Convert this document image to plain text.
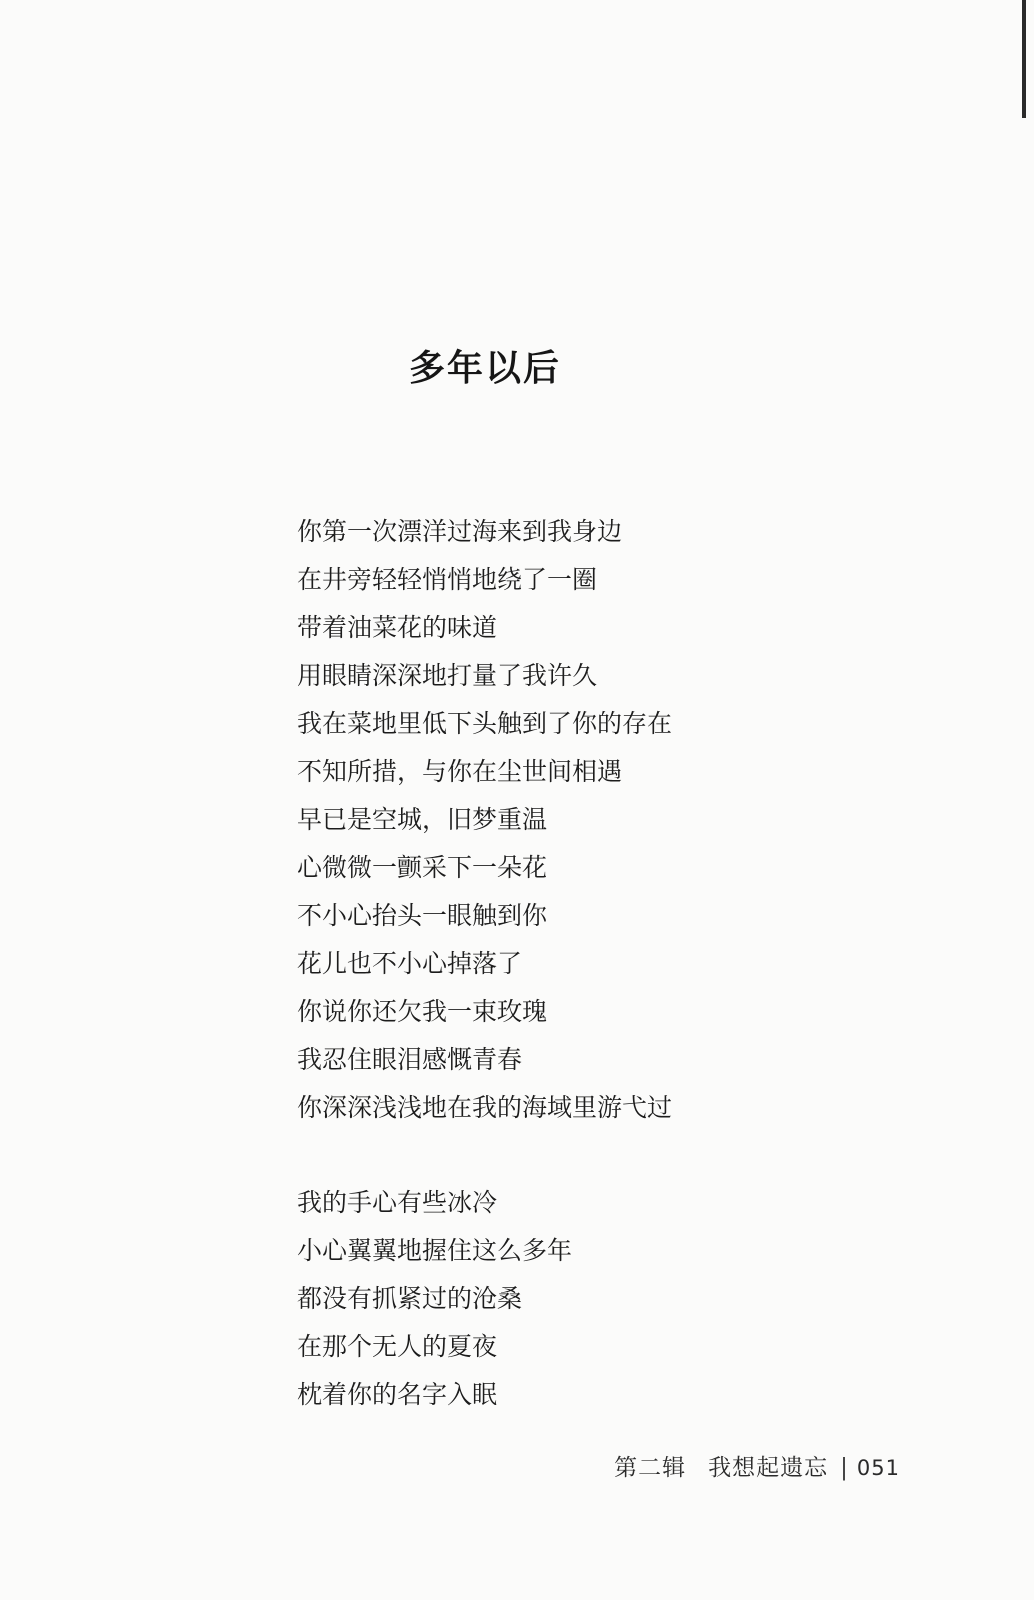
多年以后
你第一次漂洋过海来到我身边
在井旁轻轻悄悄地绕了一圈
带着油菜花的味道
用眼睛深深地打量了我许久
我在菜地里低下头触到了你的存在
不知所措，与你在尘世间相遇
早已是空城，旧梦重温
心微微一颤采下一朵花
不小心抬头一眼触到你
花儿也不小心掉落了
你说你还欠我一束玫瑰
我忍住眼泪感慨青春
你深深浅浅地在我的海域里游弋过
我的手心有些冰冷
小心翼翼地握住这么多年
都没有抓紧过的沧桑
在那个无人的夏夜
枕着你的名字入眠
第二辑 我想起遗忘 | 051
